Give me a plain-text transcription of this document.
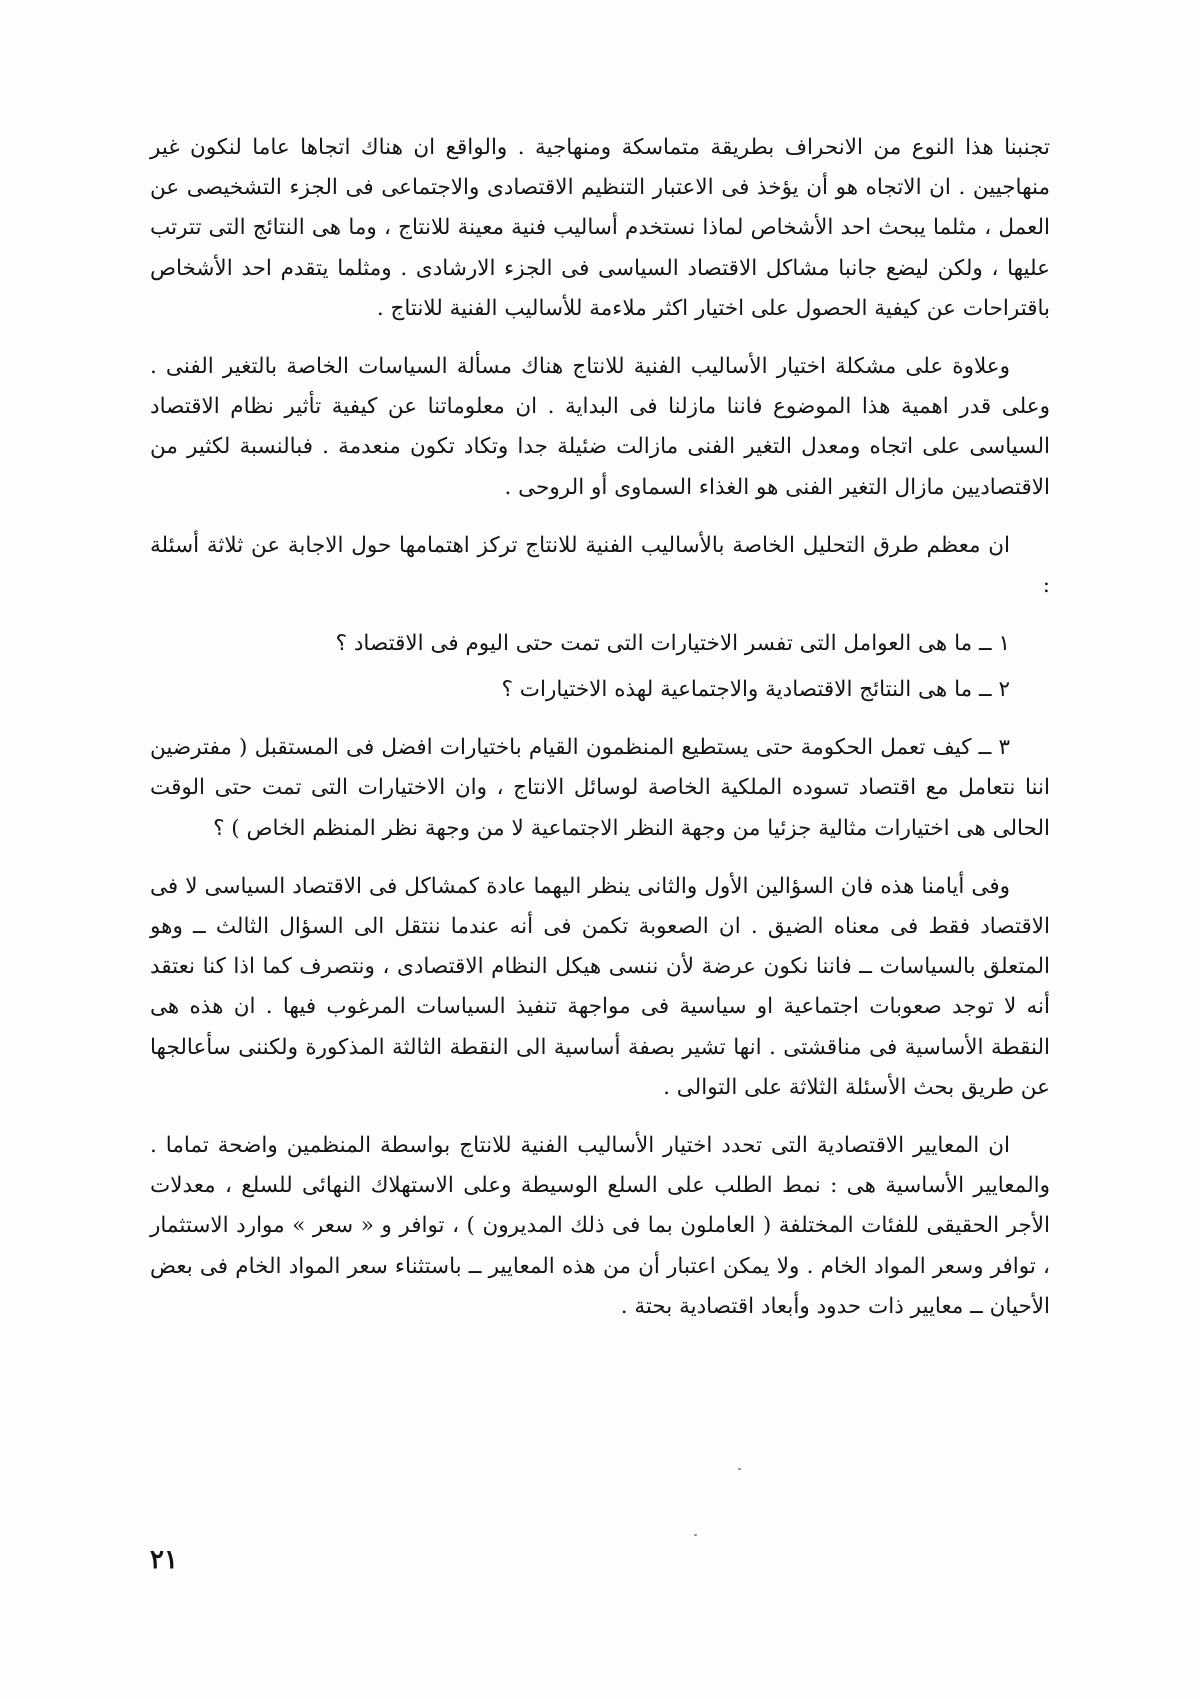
تجنبنا هذا النوع من الانحراف بطريقة متماسكة ومنهاجية . والواقع ان هناك اتجاها عاما لنكون غير منهاجيين . ان الاتجاه هو أن يؤخذ فى الاعتبار التنظيم الاقتصادى والاجتماعى فى الجزء التشخيصى عن العمل ، مثلما يبحث احد الأشخاص لماذا نستخدم أساليب فنية معينة للانتاج ، وما هى النتائج التى تترتب عليها ، ولكن ليضع جانبا مشاكل الاقتصاد السياسى فى الجزء الارشادى . ومثلما يتقدم احد الأشخاص باقتراحات عن كيفية الحصول على اختيار اكثر ملاءمة للأساليب الفنية للانتاج .

وعلاوة على مشكلة اختيار الأساليب الفنية للانتاج هناك مسألة السياسات الخاصة بالتغير الفنى . وعلى قدر اهمية هذا الموضوع فاننا مازلنا فى البداية . ان معلوماتنا عن كيفية تأثير نظام الاقتصاد السياسى على اتجاه ومعدل التغير الفنى مازالت ضئيلة جدا وتكاد تكون منعدمة . فبالنسبة لكثير من الاقتصاديين مازال التغير الفنى هو الغذاء السماوى أو الروحى .

ان معظم طرق التحليل الخاصة بالأساليب الفنية للانتاج تركز اهتمامها حول الاجابة عن ثلاثة أسئلة :

١ ــ ما هى العوامل التى تفسر الاختيارات التى تمت حتى اليوم فى الاقتصاد ؟

٢ ــ ما هى النتائج الاقتصادية والاجتماعية لهذه الاختيارات ؟

٣ ــ كيف تعمل الحكومة حتى يستطيع المنظمون القيام باختيارات افضل فى المستقبل ( مفترضين اننا نتعامل مع اقتصاد تسوده الملكية الخاصة لوسائل الانتاج ، وان الاختيارات التى تمت حتى الوقت الحالى هى اختيارات مثالية جزئيا من وجهة النظر الاجتماعية لا من وجهة نظر المنظم الخاص ) ؟

وفى أيامنا هذه فان السؤالين الأول والثانى ينظر اليهما عادة كمشاكل فى الاقتصاد السياسى لا فى الاقتصاد فقط فى معناه الضيق . ان الصعوبة تكمن فى أنه عندما ننتقل الى السؤال الثالث ــ وهو المتعلق بالسياسات ــ فاننا نكون عرضة لأن ننسى هيكل النظام الاقتصادى ، ونتصرف كما اذا كنا نعتقد أنه لا توجد صعوبات اجتماعية او سياسية فى مواجهة تنفيذ السياسات المرغوب فيها . ان هذه هى النقطة الأساسية فى مناقشتى . انها تشير بصفة أساسية الى النقطة الثالثة المذكورة ولكننى سأعالجها عن طريق بحث الأسئلة الثلاثة على التوالى .

ان المعايير الاقتصادية التى تحدد اختيار الأساليب الفنية للانتاج بواسطة المنظمين واضحة تماما . والمعايير الأساسية هى : نمط الطلب على السلع الوسيطة وعلى الاستهلاك النهائى للسلع ، معدلات الأجر الحقيقى للفئات المختلفة ( العاملون بما فى ذلك المديرون ) ، توافر و « سعر » موارد الاستثمار ، توافر وسعر المواد الخام . ولا يمكن اعتبار أن من هذه المعايير ــ باستثناء سعر المواد الخام فى بعض الأحيان ــ معايير ذات حدود وأبعاد اقتصادية بحتة .

٢١
